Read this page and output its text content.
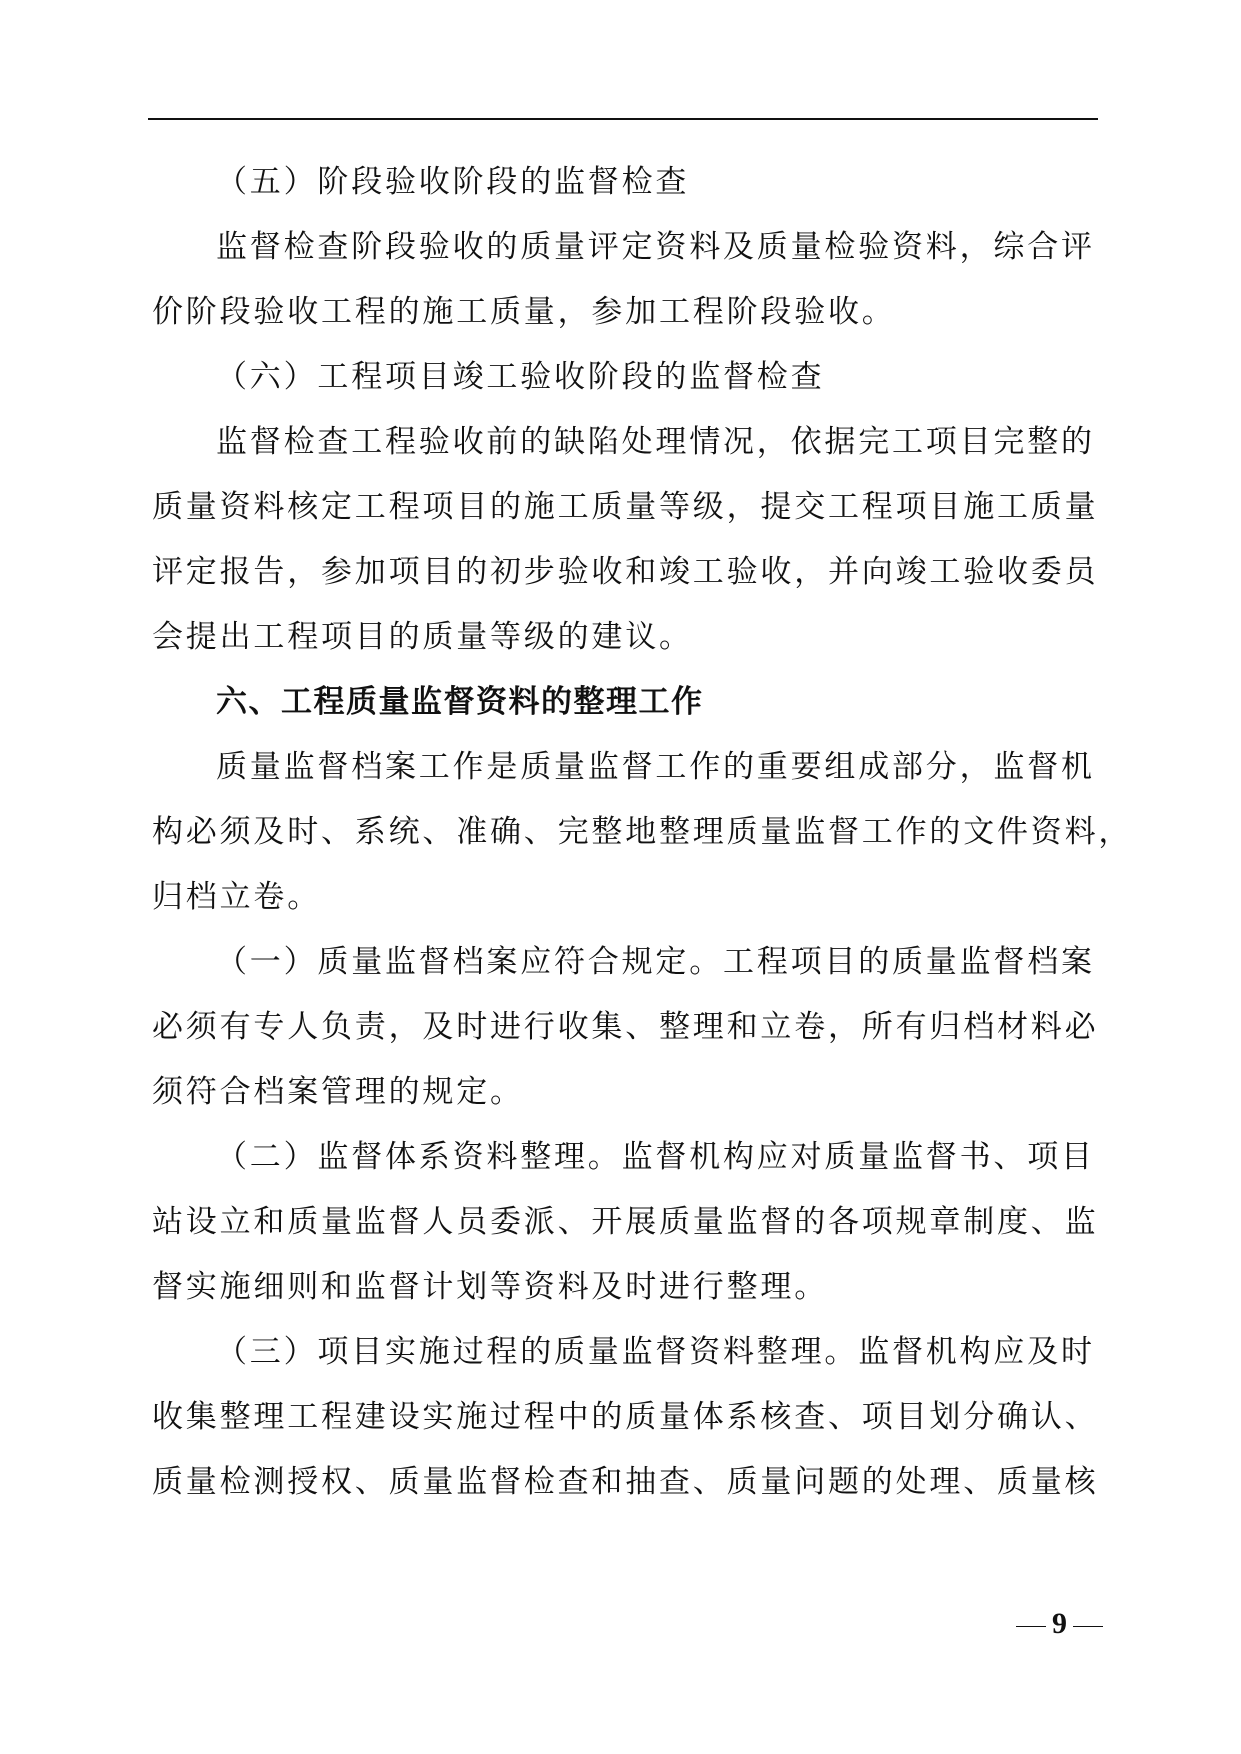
（五）阶段验收阶段的监督检查
监督检查阶段验收的质量评定资料及质量检验资料，综合评
价阶段验收工程的施工质量，参加工程阶段验收。
（六）工程项目竣工验收阶段的监督检查
监督检查工程验收前的缺陷处理情况，依据完工项目完整的
质量资料核定工程项目的施工质量等级，提交工程项目施工质量
评定报告，参加项目的初步验收和竣工验收，并向竣工验收委员
会提出工程项目的质量等级的建议。
六、工程质量监督资料的整理工作
质量监督档案工作是质量监督工作的重要组成部分，监督机
构必须及时、系统、准确、完整地整理质量监督工作的文件资料，
归档立卷。
（一）质量监督档案应符合规定。工程项目的质量监督档案
必须有专人负责，及时进行收集、整理和立卷，所有归档材料必
须符合档案管理的规定。
（二）监督体系资料整理。监督机构应对质量监督书、项目
站设立和质量监督人员委派、开展质量监督的各项规章制度、监
督实施细则和监督计划等资料及时进行整理。
（三）项目实施过程的质量监督资料整理。监督机构应及时
收集整理工程建设实施过程中的质量体系核查、项目划分确认、
质量检测授权、质量监督检查和抽查、质量问题的处理、质量核
9
